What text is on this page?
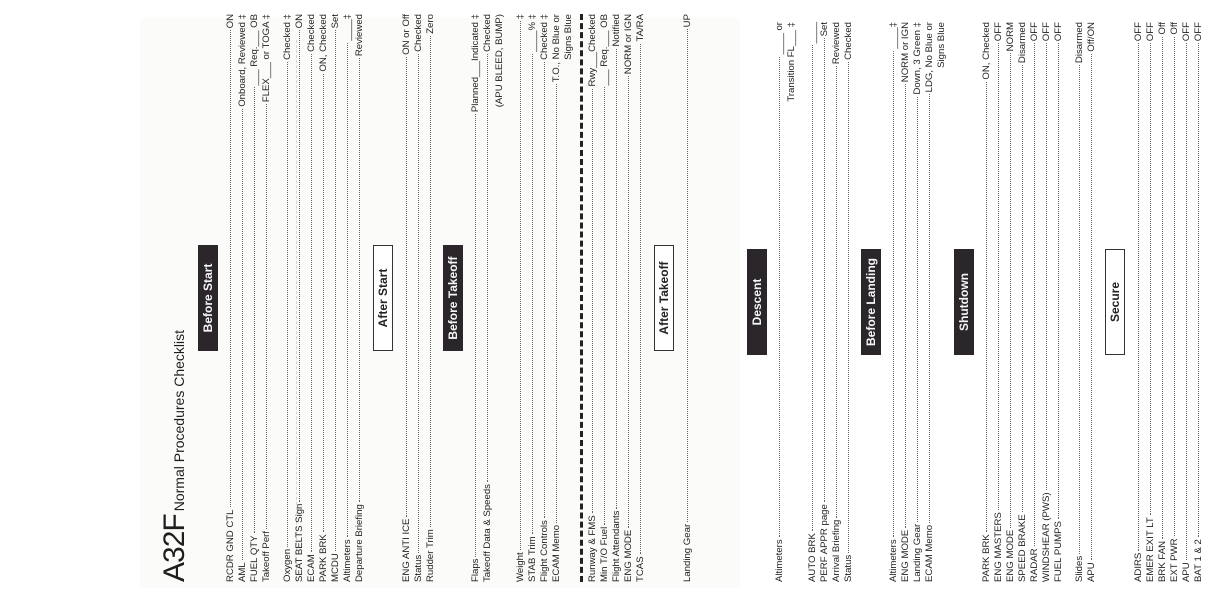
A32F
Normal Procedures Checklist
Before Start
RCDR GND CTL
ON
AML
Onboard, Reviewed ‡
FUEL QTY
___ Req.___ OB
Takeoff Perf
FLEX___ or TOGA ‡
Oxygen
Checked ‡
SEAT BELTS Sign
ON
ECAM
Checked
PARK BRK
ON, Checked
MCDU
Set
Altimeters
____‡
Departure Briefing
Reviewed
After Start
ENG ANTI ICE
ON or Off
Status
Checked
Rudder Trim
Zero
Before Takeoff
Flaps
Planned___Indicated ‡
Takeoff Data & Speeds
Checked (APU BLEED, BUMP)
Weight
‡
STAB Trim
____% ‡
Flight Controls
Checked ‡
ECAM Memo
T.O., No Blue or Signs Blue
Runway & FMS
Rwy___Checked
Min T/O Fuel
___ Req.___ OB
Flight Attendants
Notified
ENG MODE
NORM or IGN
TCAS
TA/RA
After Takeoff
Landing Gear
UP
Descent
Altimeters
____ or Transition FL___ ‡
AUTO BRK
____
PERF APPR page
Set
Arrival Briefing
Reviewed
Status
Checked
Before Landing
Altimeters
____‡
ENG MODE
NORM or IGN
Landing Gear
Down, 3 Green ‡
ECAM Memo
LDG, No Blue or Signs Blue
Shutdown
PARK BRK
ON, Checked
ENG MASTERS
OFF
ENG MODE
NORM
SPEED BRAKE
Disarmed
RADAR
OFF
WINDSHEAR (PWS)
OFF
FUEL PUMPS
OFF
Slides
Disarmed
APU
Off/ON
Secure
ADIRS
OFF
EMER EXIT LT
OFF
BRK FAN
Off
EXT PWR
Off
APU
OFF
BAT 1 & 2
OFF
